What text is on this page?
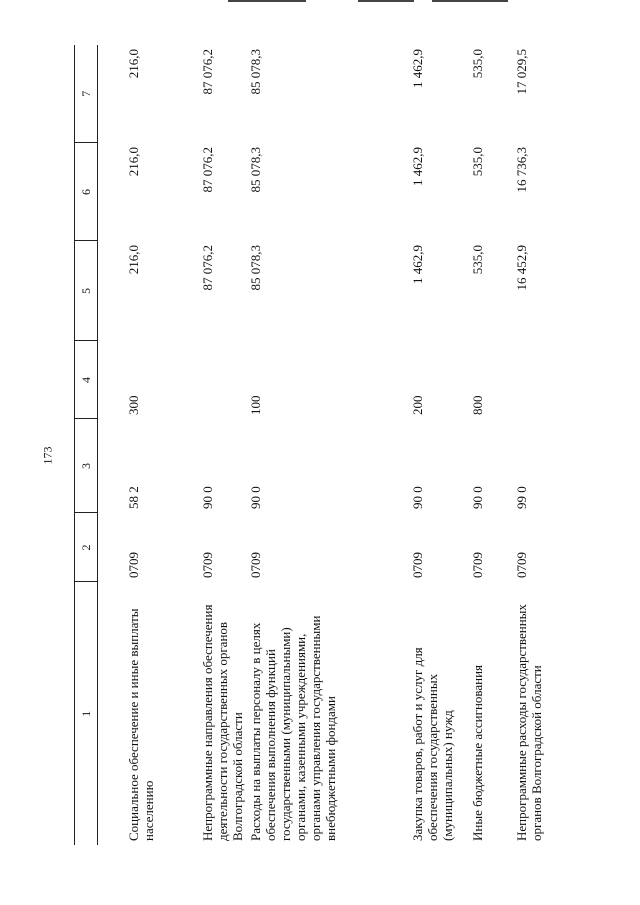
173
1	2	3	4	5	6	7
Социальное обеспечение и иные выплаты населению	0709	58 2	300	216,0	216,0	216,0
Непрограммные направления обеспечения деятельности государственных органов Волгоградской области	0709	90 0		87 076,2	87 076,2	87 076,2
Расходы на выплаты персоналу в целях обеспечения выполнения функций государственными (муниципальными) органами, казенными учреждениями, органами управления государственными внебюджетными фондами	0709	90 0	100	85 078,3	85 078,3	85 078,3
Закупка товаров, работ и услуг для обеспечения государственных (муниципальных) нужд	0709	90 0	200	1 462,9	1 462,9	1 462,9
Иные бюджетные ассигнования	0709	90 0	800	535,0	535,0	535,0
Непрограммные расходы государственных органов Волгоградской области	0709	99 0		16 452,9	16 736,3	17 029,5
